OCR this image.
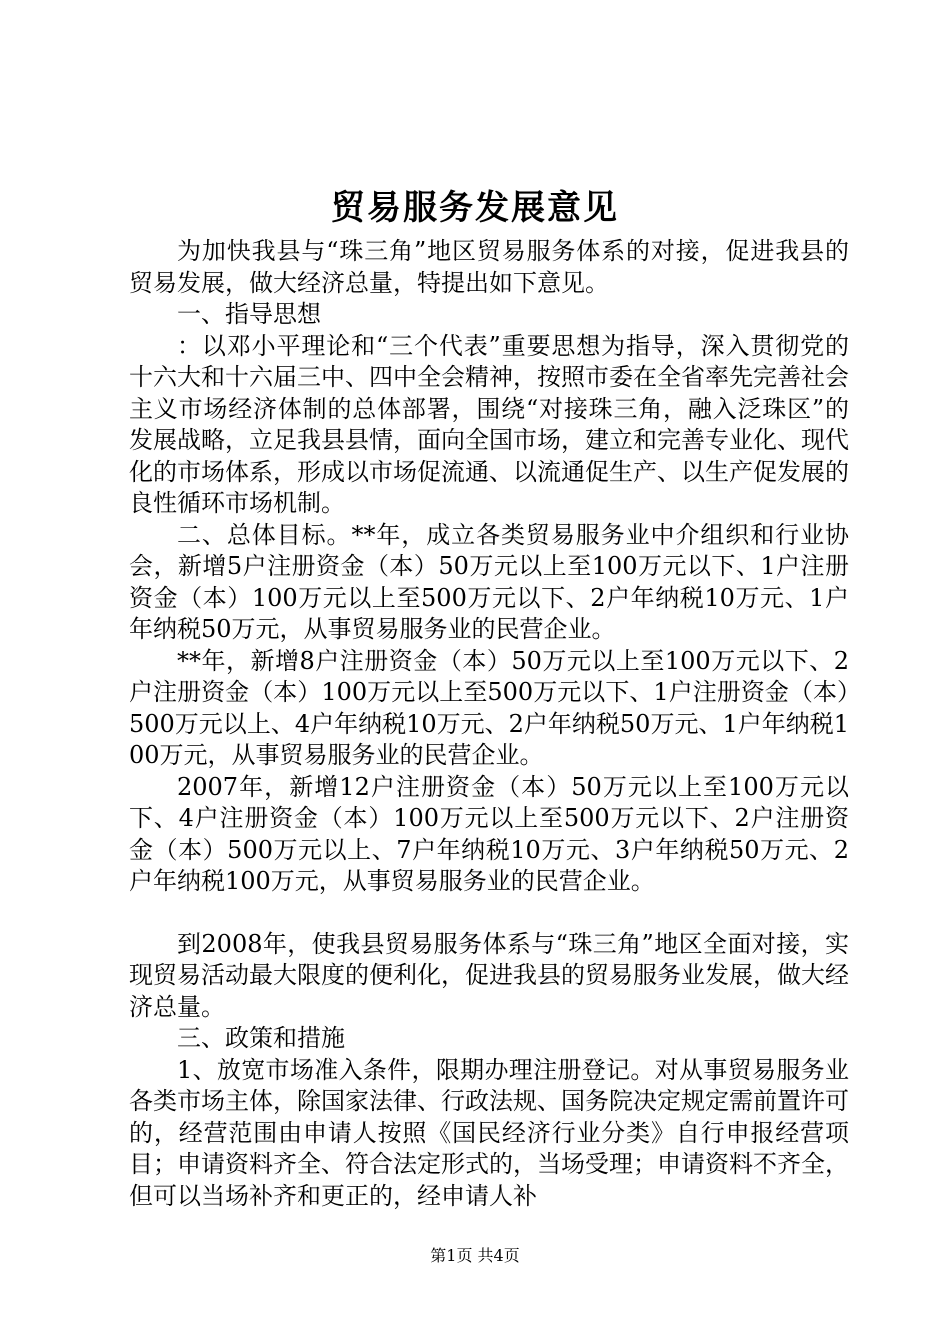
贸易服务发展意见

为加快我县与“珠三角”地区贸易服务体系的对接，促进我县的贸易发展，做大经济总量，特提出如下意见。

一、指导思想

：以邓小平理论和“三个代表”重要思想为指导，深入贯彻党的十六大和十六届三中、四中全会精神，按照市委在全省率先完善社会主义市场经济体制的总体部署，围绕“对接珠三角，融入泛珠区”的发展战略，立足我县县情，面向全国市场，建立和完善专业化、现代化的市场体系，形成以市场促流通、以流通促生产、以生产促发展的良性循环市场机制。

二、总体目标。**年，成立各类贸易服务业中介组织和行业协会，新增5户注册资金（本）50万元以上至100万元以下、1户注册资金（本）100万元以上至500万元以下、2户年纳税10万元、1户年纳税50万元，从事贸易服务业的民营企业。

**年，新增8户注册资金（本）50万元以上至100万元以下、2户注册资金（本）100万元以上至500万元以下、1户注册资金（本）500万元以上、4户年纳税10万元、2户年纳税50万元、1户年纳税100万元，从事贸易服务业的民营企业。

2007年，新增12户注册资金（本）50万元以上至100万元以下、4户注册资金（本）100万元以上至500万元以下、2户注册资金（本）500万元以上、7户年纳税10万元、3户年纳税50万元、2户年纳税100万元，从事贸易服务业的民营企业。

到2008年，使我县贸易服务体系与“珠三角”地区全面对接，实现贸易活动最大限度的便利化，促进我县的贸易服务业发展，做大经济总量。

三、政策和措施

1、放宽市场准入条件，限期办理注册登记。对从事贸易服务业各类市场主体，除国家法律、行政法规、国务院决定规定需前置许可的，经营范围由申请人按照《国民经济行业分类》自行申报经营项目；申请资料齐全、符合法定形式的，当场受理；申请资料不齐全，但可以当场补齐和更正的，经申请人补

第1页 共4页
